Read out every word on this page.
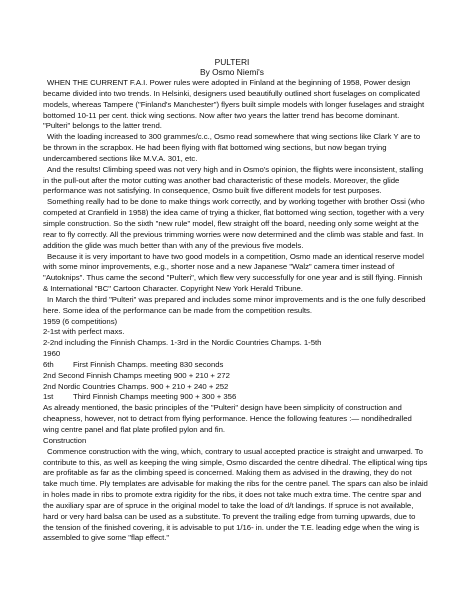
PULTERI
By Osmo Niemi's

WHEN THE CURRENT F.A.I. Power rules were adopted in Finland at the beginning of 1958, Power design became divided into two trends. In Helsinki, designers used beautifully outlined short fuselages on complicated models, whereas Tampere ("Finland's Manchester") flyers built simple models with longer fuselages and straight bottomed 10-11 per cent. thick wing sections. Now after two years the latter trend has become dominant. "Pulteri" belongs to the latter trend.

With the loading increased to 300 grammes/c.c., Osmo read somewhere that wing sections like Clark Y are to be thrown in the scrapbox. He had been flying with flat bottomed wing sections, but now began trying undercambered sections like M.V.A. 301, etc.

And the results! Climbing speed was not very high and in Osmo's opinion, the flights were inconsistent, stalling in the pull-out after the motor cutting was another bad characteristic of these models. Moreover, the glide performance was not satisfying. In consequence, Osmo built five different models for test purposes.

Something really had to be done to make things work correctly, and by working together with brother Ossi (who competed at Cranfield in 1958) the idea came of trying a thicker, flat bottomed wing section, together with a very simple construction. So the sixth "new rule" model, flew straight off the board, needing only some weight at the rear to fly correctly. All the previous trimming worries were now determined and the climb was stable and fast. In addition the glide was much better than with any of the previous five models.

Because it is very important to have two good models in a competition, Osmo made an identical reserve model with some minor improvements, e.g., shorter nose and a new Japanese "Walz" camera timer instead of "Autoknips". Thus came the second "Pulteri", which flew very successfully for one year and is still flying. Finnish & International "BC" Cartoon Character. Copyright New York Herald Tribune.

In March the third "Pulteri" was prepared and includes some minor improvements and is the one fully described here. Some idea of the performance can be made from the competition results.

1959 (6 competitions)
2-1st with perfect maxs.
2-2nd including the Finnish Champs. 1-3rd in the Nordic Countries Champs. 1-5th
1960
6th	First Finnish Champs. meeting 830 seconds
2nd Second Finnish Champs meeting 900 + 210 + 272
2nd Nordic Countries Champs. 900 + 210 + 240 + 252
1st	Third Finnish Champs meeting 900 + 300 + 356

As already mentioned, the basic principles of the "Pulteri" design have been simplicity of construction and cheapness, however, not to detract from flying performance. Hence the following features :— nondihedralled wing centre panel and flat plate profiled pylon and fin.

Construction

Commence construction with the wing, which, contrary to usual accepted practice is straight and unwarped. To contribute to this, as well as keeping the wing simple, Osmo discarded the centre dihedral. The elliptical wing tips are profitable as far as the climbing speed is concerned. Making them as advised in the drawing, they do not take much time. Ply templates are advisable for making the ribs for the centre panel. The spars can also be inlaid in holes made in ribs to promote extra rigidity for the ribs, it does not take much extra time. The centre spar and the auxiliary spar are of spruce in the original model to take the load of d/t landings. If spruce is not available, hard or very hard balsa can be used as a substitute. To prevent the trailing edge from turning upwards, due to the tension of the finished covering, it is advisable to put 1/16- in. under the T.E. leading edge when the wing is assembled to give some "flap effect."
